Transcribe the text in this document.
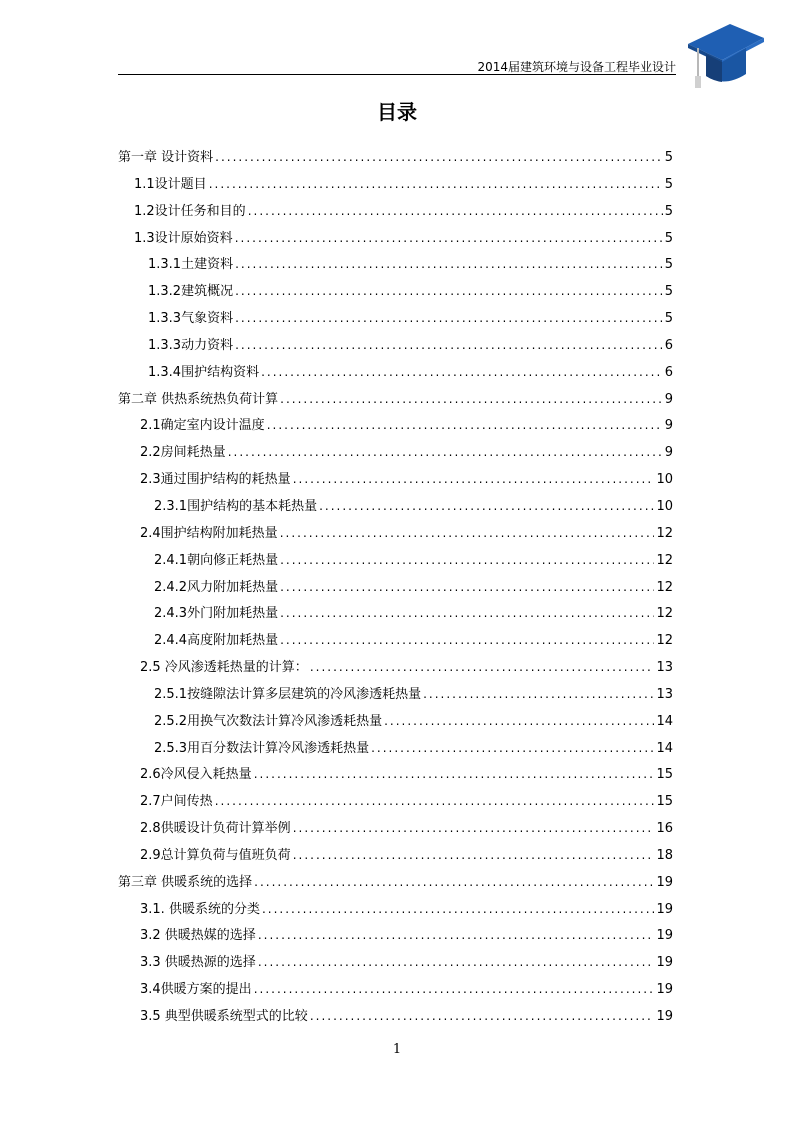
2014届建筑环境与设备工程毕业设计
目录
第一章 设计资料 .....	5
1.1设计题目 .....	5
1.2设计任务和目的 .....	5
1.3设计原始资料 .....	5
1.3.1土建资料 .....	5
1.3.2建筑概况 .....	5
1.3.3气象资料 .....	5
1.3.3动力资料 .....	6
1.3.4围护结构资料 .....	6
第二章 供热系统热负荷计算 .....	9
2.1确定室内设计温度 .....	9
2.2房间耗热量 .....	9
2.3通过围护结构的耗热量 .....	10
2.3.1围护结构的基本耗热量 .....	10
2.4围护结构附加耗热量 .....	12
2.4.1朝向修正耗热量 .....	12
2.4.2风力附加耗热量 .....	12
2.4.3外门附加耗热量 .....	12
2.4.4高度附加耗热量 .....	12
2.5 冷风渗透耗热量的计算： .....	13
2.5.1按缝隙法计算多层建筑的冷风渗透耗热量 .....	13
2.5.2用换气次数法计算冷风渗透耗热量 .....	14
2.5.3用百分数法计算冷风渗透耗热量 .....	14
2.6冷风侵入耗热量 .....	15
2.7户间传热 .....	15
2.8供暖设计负荷计算举例 .....	16
2.9总计算负荷与值班负荷 .....	18
第三章 供暖系统的选择 .....	19
3.1. 供暖系统的分类 .....	19
3.2 供暖热媒的选择 .....	19
3.3 供暖热源的选择 .....	19
3.4供暖方案的提出 .....	19
3.5 典型供暖系统型式的比较 .....	19
1
